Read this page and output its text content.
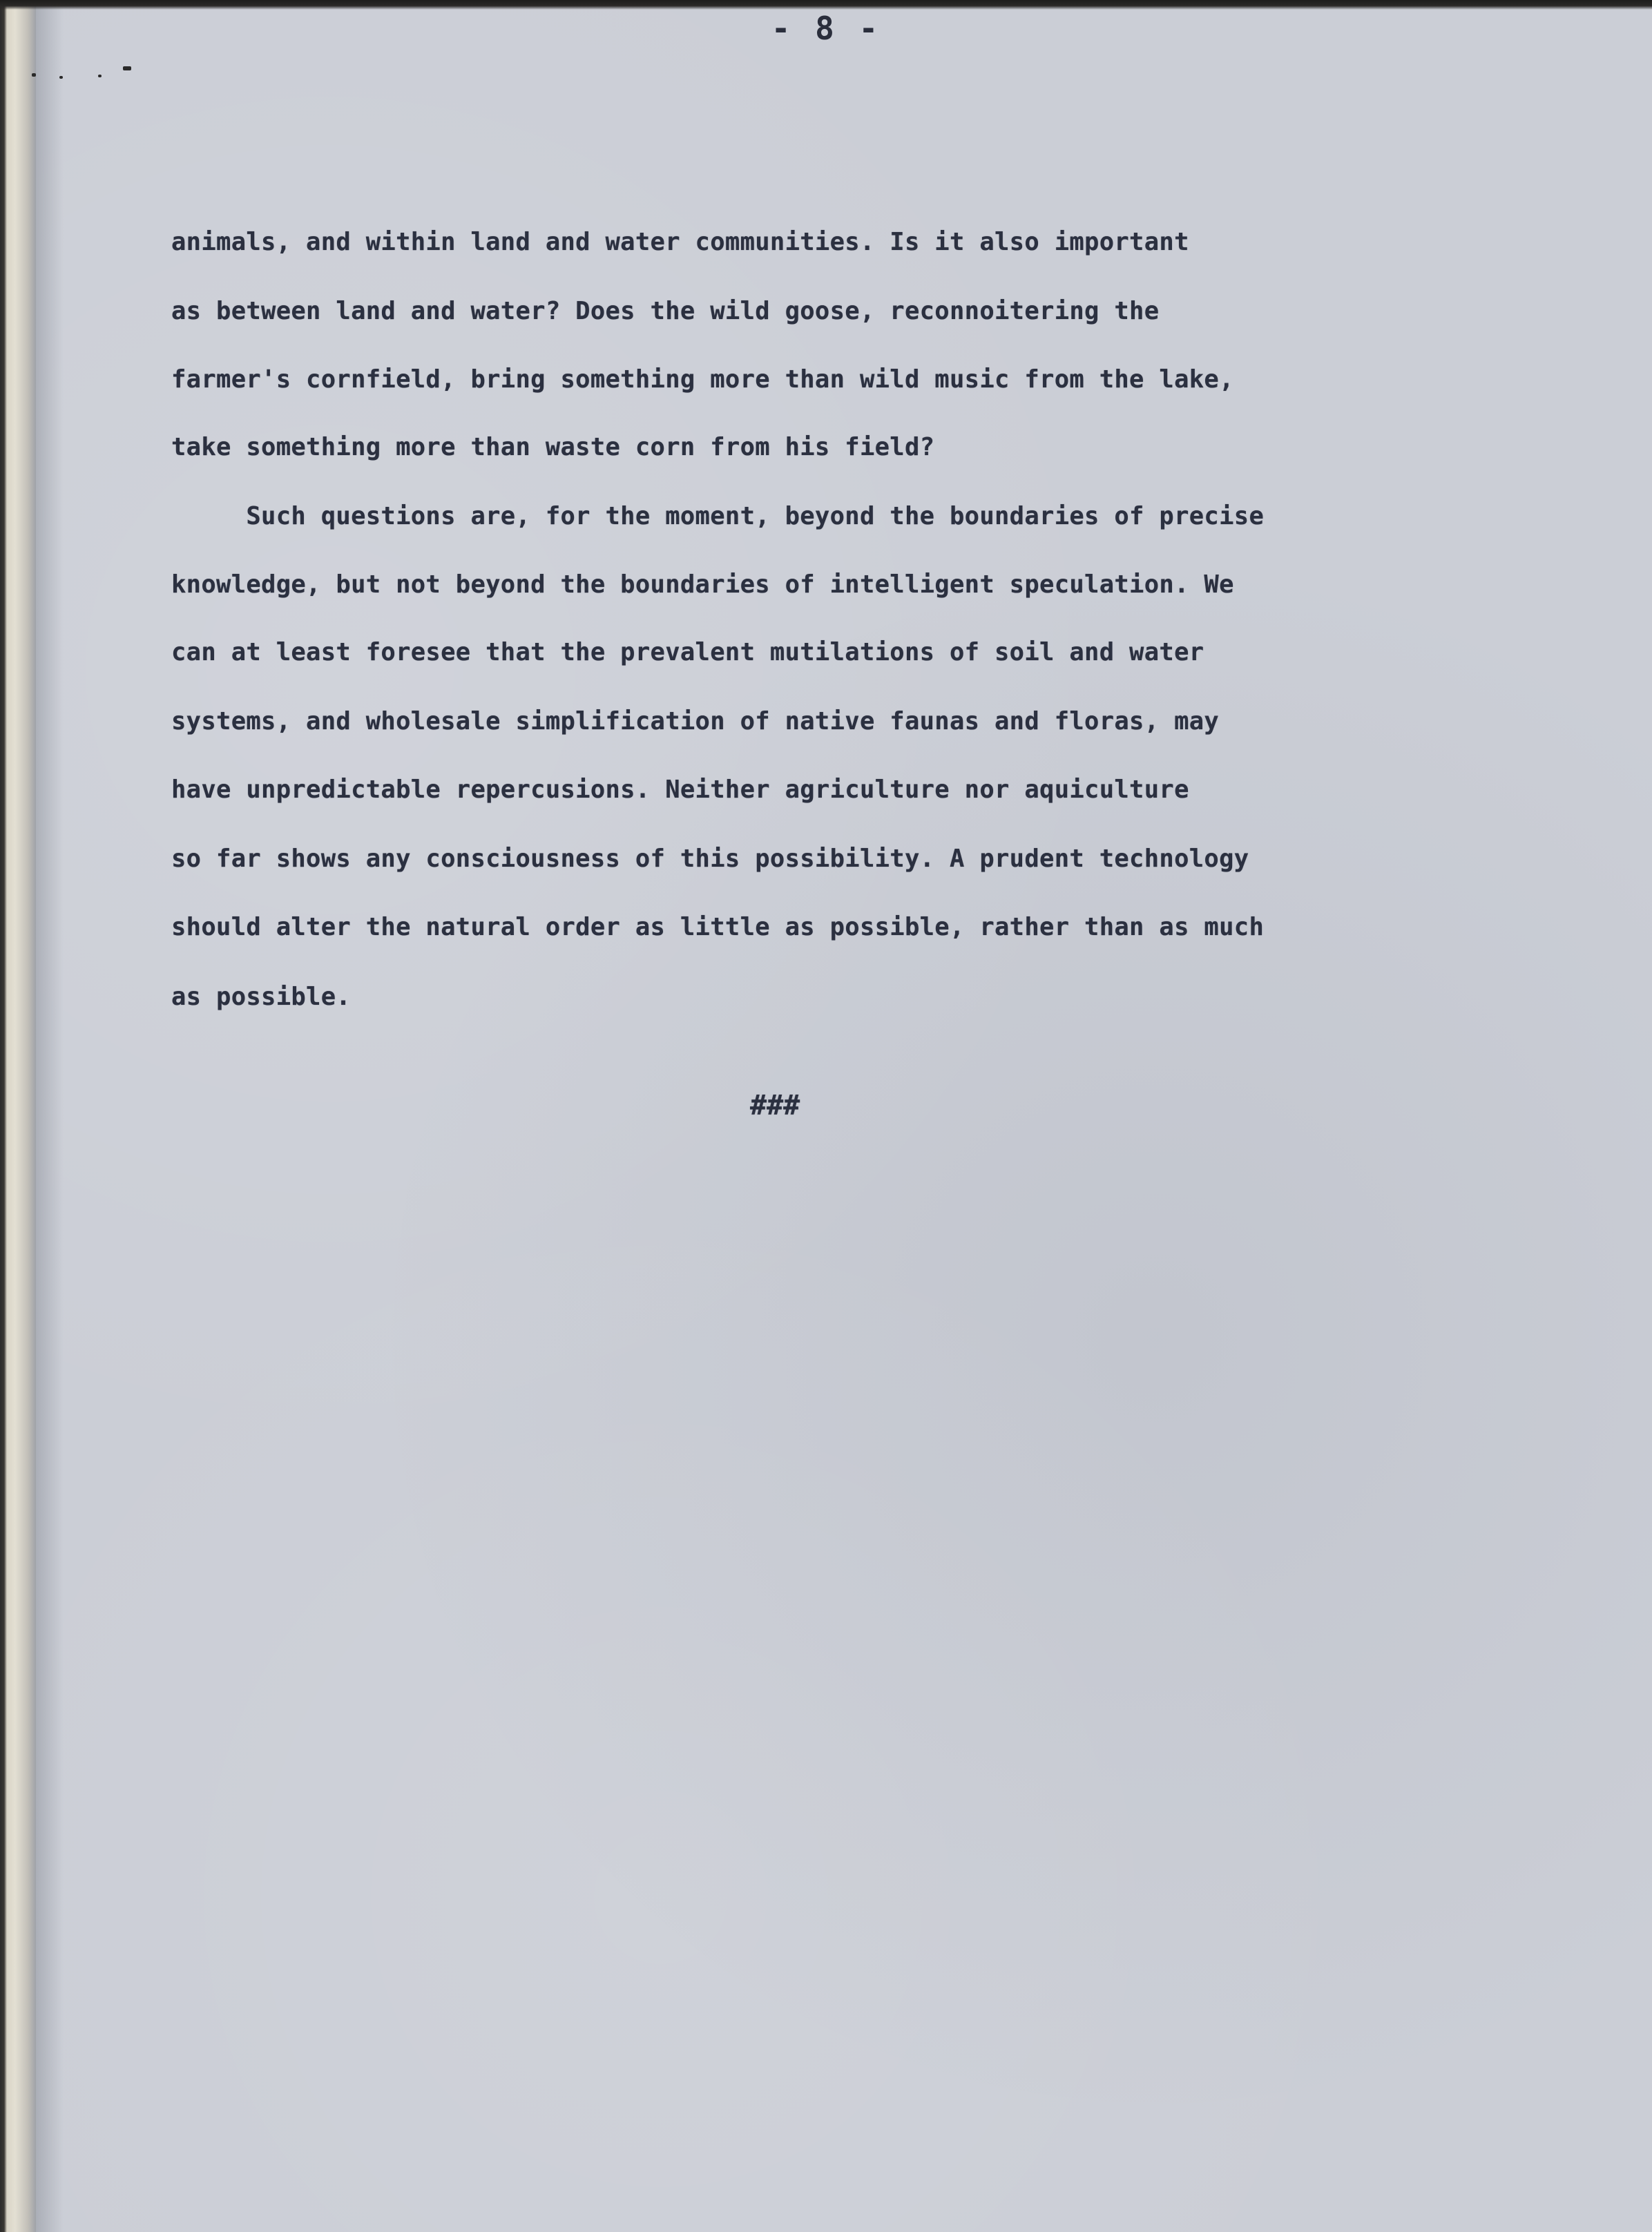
- 8 -
animals, and within land and water communities. Is it also important
as between land and water? Does the wild goose, reconnoitering the
farmer's cornfield, bring something more than wild music from the lake,
take something more than waste corn from his field?
Such questions are, for the moment, beyond the boundaries of precise
knowledge, but not beyond the boundaries of intelligent speculation. We
can at least foresee that the prevalent mutilations of soil and water
systems, and wholesale simplification of native faunas and floras, may
have unpredictable repercusions. Neither agriculture nor aquiculture
so far shows any consciousness of this possibility. A prudent technology
should alter the natural order as little as possible, rather than as much
as possible.
###
